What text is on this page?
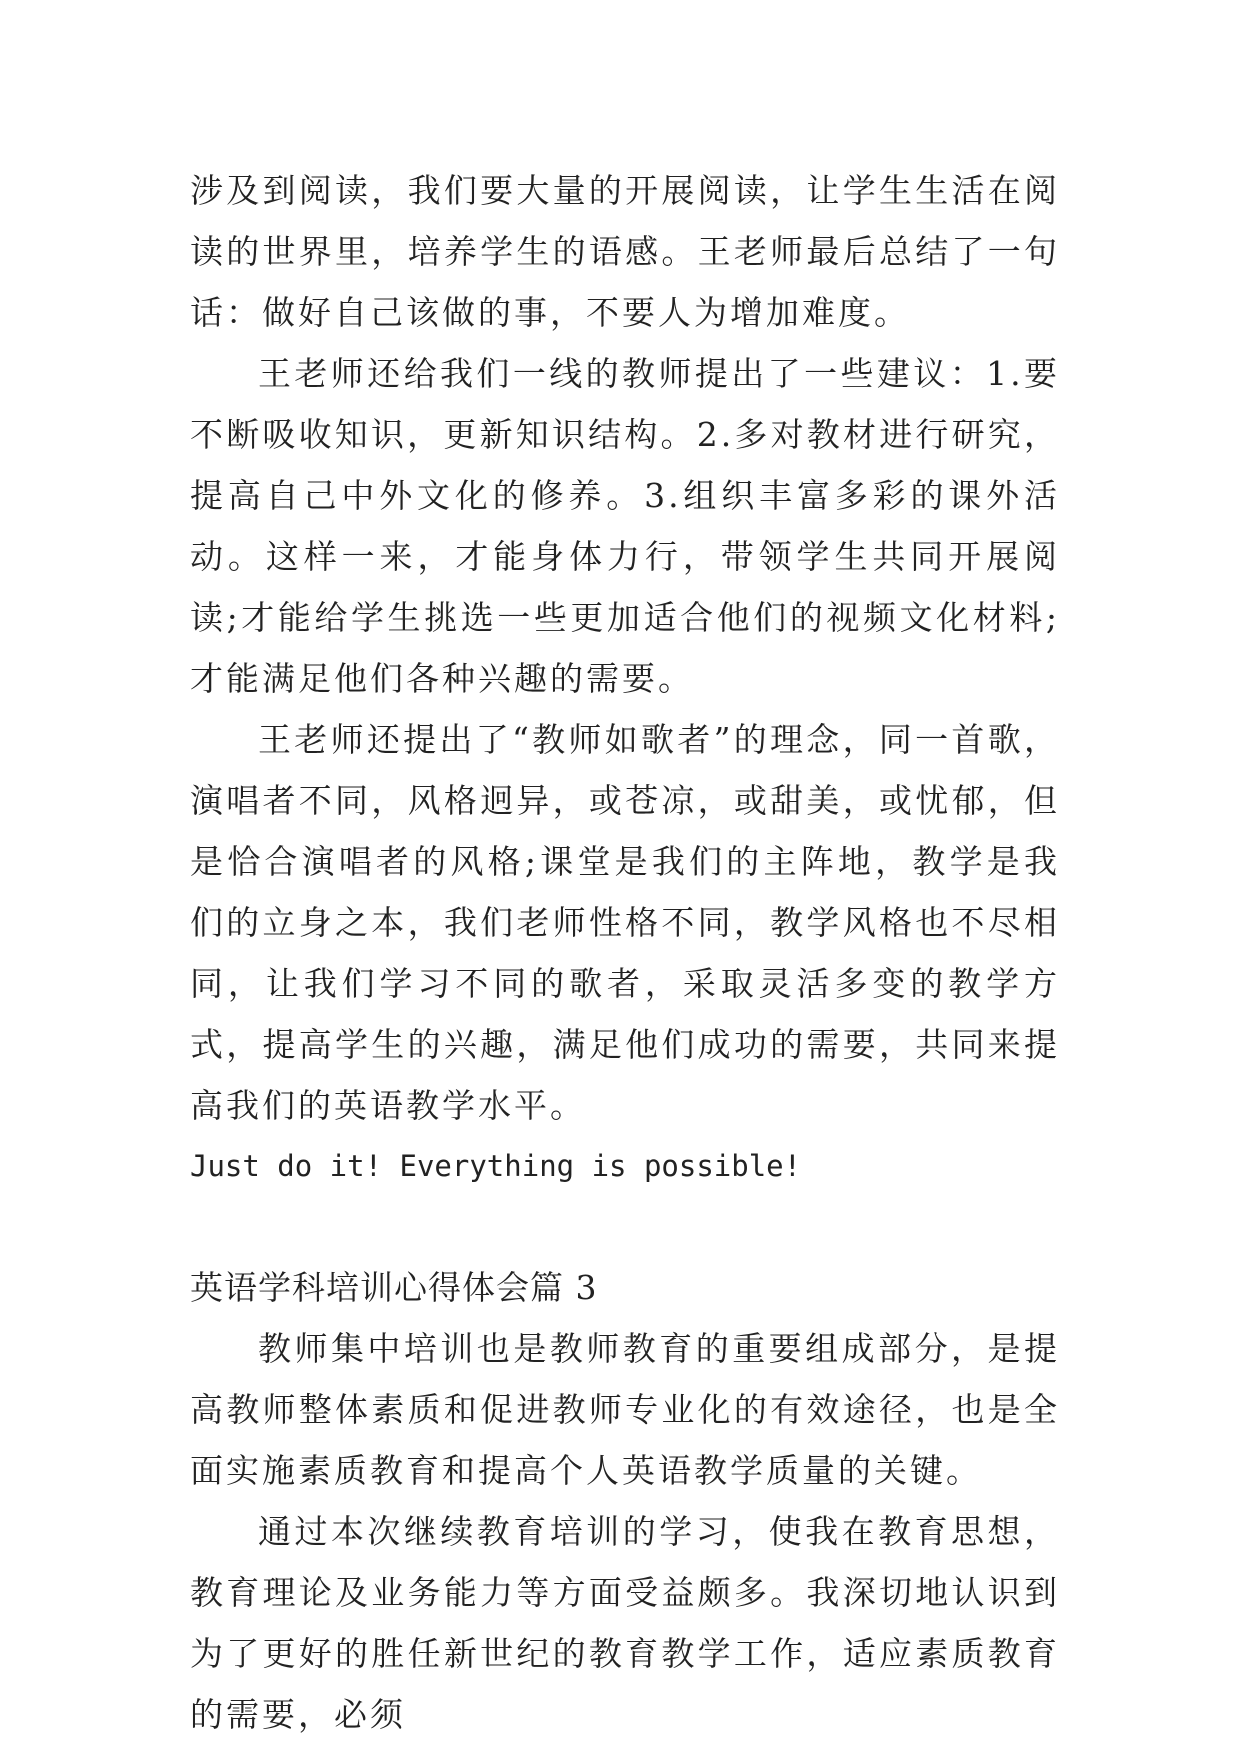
涉及到阅读，我们要大量的开展阅读，让学生生活在阅读的世界里，培养学生的语感。王老师最后总结了一句话：做好自己该做的事，不要人为增加难度。

王老师还给我们一线的教师提出了一些建议：1.要不断吸收知识，更新知识结构。2.多对教材进行研究，提高自己中外文化的修养。3.组织丰富多彩的课外活动。这样一来，才能身体力行，带领学生共同开展阅读;才能给学生挑选一些更加适合他们的视频文化材料;才能满足他们各种兴趣的需要。

王老师还提出了“教师如歌者”的理念，同一首歌，演唱者不同，风格迥异，或苍凉，或甜美，或忧郁，但是恰合演唱者的风格;课堂是我们的主阵地，教学是我们的立身之本，我们老师性格不同，教学风格也不尽相同，让我们学习不同的歌者，采取灵活多变的教学方式，提高学生的兴趣，满足他们成功的需要，共同来提高我们的英语教学水平。

Just do it! Everything is possible!

英语学科培训心得体会篇 3

教师集中培训也是教师教育的重要组成部分，是提高教师整体素质和促进教师专业化的有效途径，也是全面实施素质教育和提高个人英语教学质量的关键。

通过本次继续教育培训的学习，使我在教育思想，教育理论及业务能力等方面受益颇多。我深切地认识到为了更好的胜任新世纪的教育教学工作，适应素质教育的需要，必须
